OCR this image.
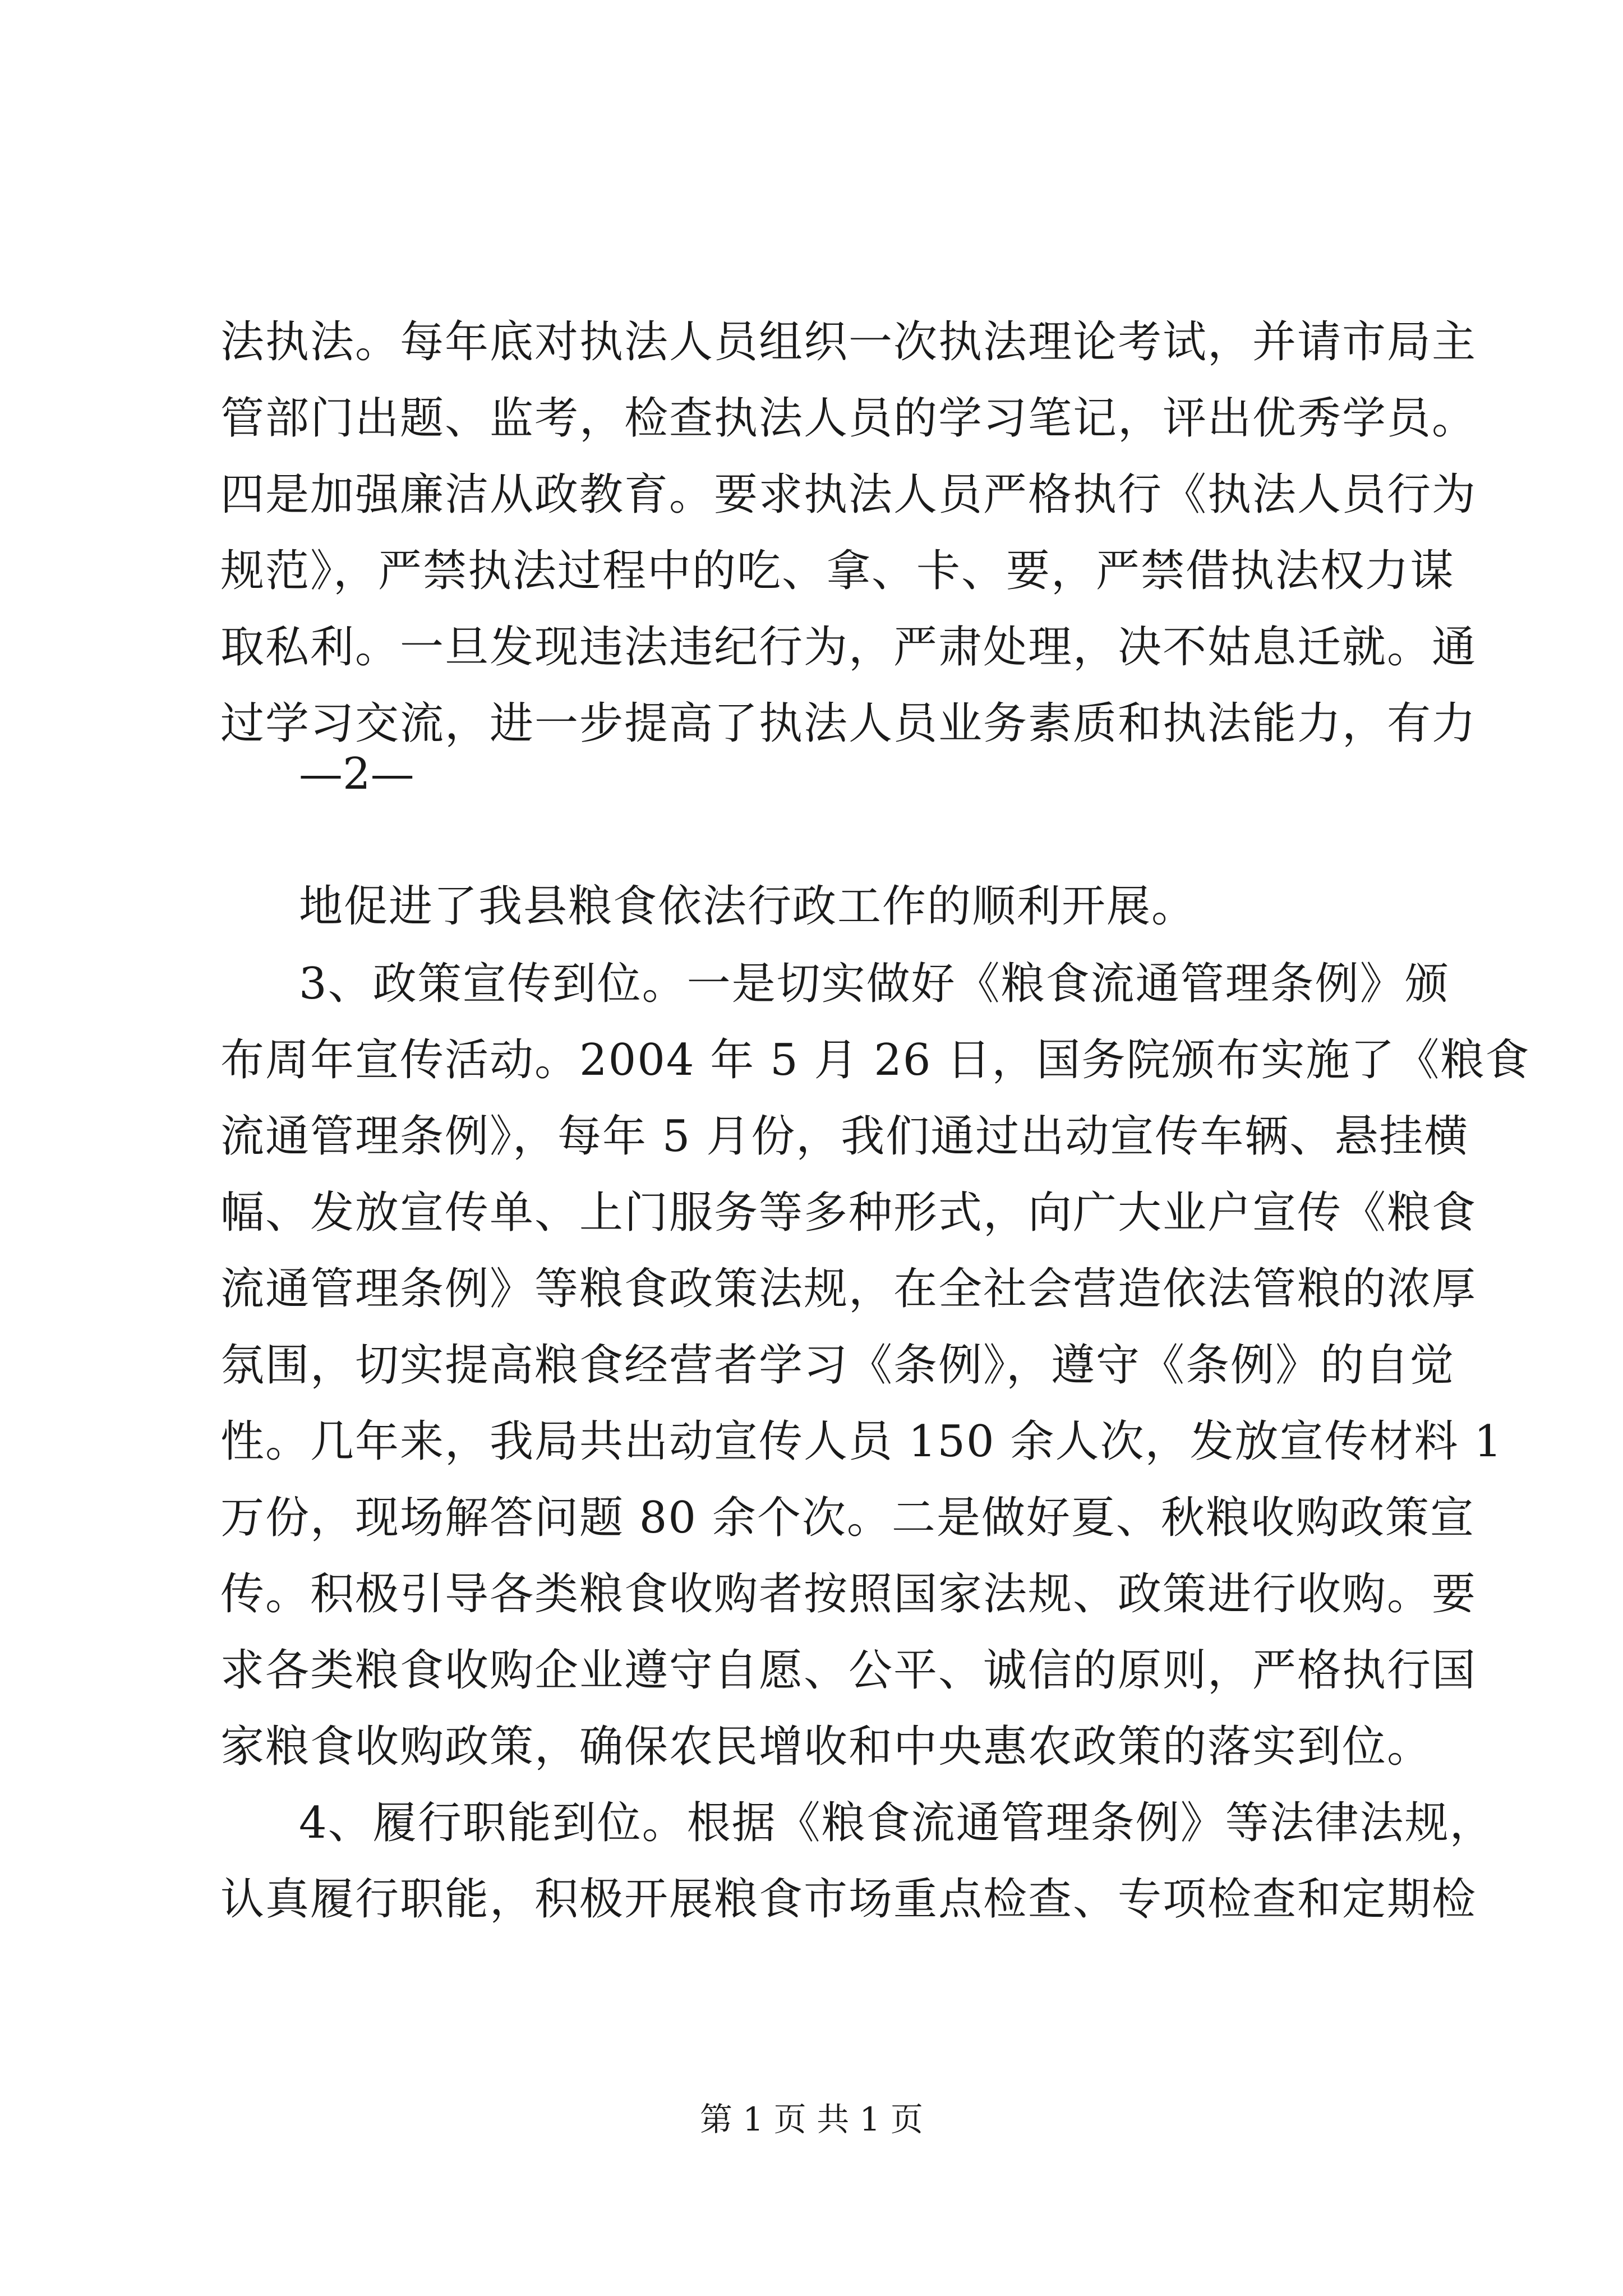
法执法。每年底对执法人员组织一次执法理论考试，并请市局主
管部门出题、监考，检查执法人员的学习笔记，评出优秀学员。
四是加强廉洁从政教育。要求执法人员严格执行《执法人员行为
规范》，严禁执法过程中的吃、拿、卡、要，严禁借执法权力谋
取私利。一旦发现违法违纪行为，严肃处理，决不姑息迁就。通
过学习交流，进一步提高了执法人员业务素质和执法能力，有力
—2—
地促进了我县粮食依法行政工作的顺利开展。
3、政策宣传到位。一是切实做好《粮食流通管理条例》颁
布周年宣传活动。2004 年 5 月 26 日，国务院颁布实施了《粮食
流通管理条例》，每年 5 月份，我们通过出动宣传车辆、悬挂横
幅、发放宣传单、上门服务等多种形式，向广大业户宣传《粮食
流通管理条例》等粮食政策法规，在全社会营造依法管粮的浓厚
氛围，切实提高粮食经营者学习《条例》，遵守《条例》的自觉
性。几年来，我局共出动宣传人员 150 余人次，发放宣传材料 1
万份，现场解答问题 80 余个次。二是做好夏、秋粮收购政策宣
传。积极引导各类粮食收购者按照国家法规、政策进行收购。要
求各类粮食收购企业遵守自愿、公平、诚信的原则，严格执行国
家粮食收购政策，确保农民增收和中央惠农政策的落实到位。
4、履行职能到位。根据《粮食流通管理条例》等法律法规，
认真履行职能，积极开展粮食市场重点检查、专项检查和定期检
第 1 页 共 1 页
